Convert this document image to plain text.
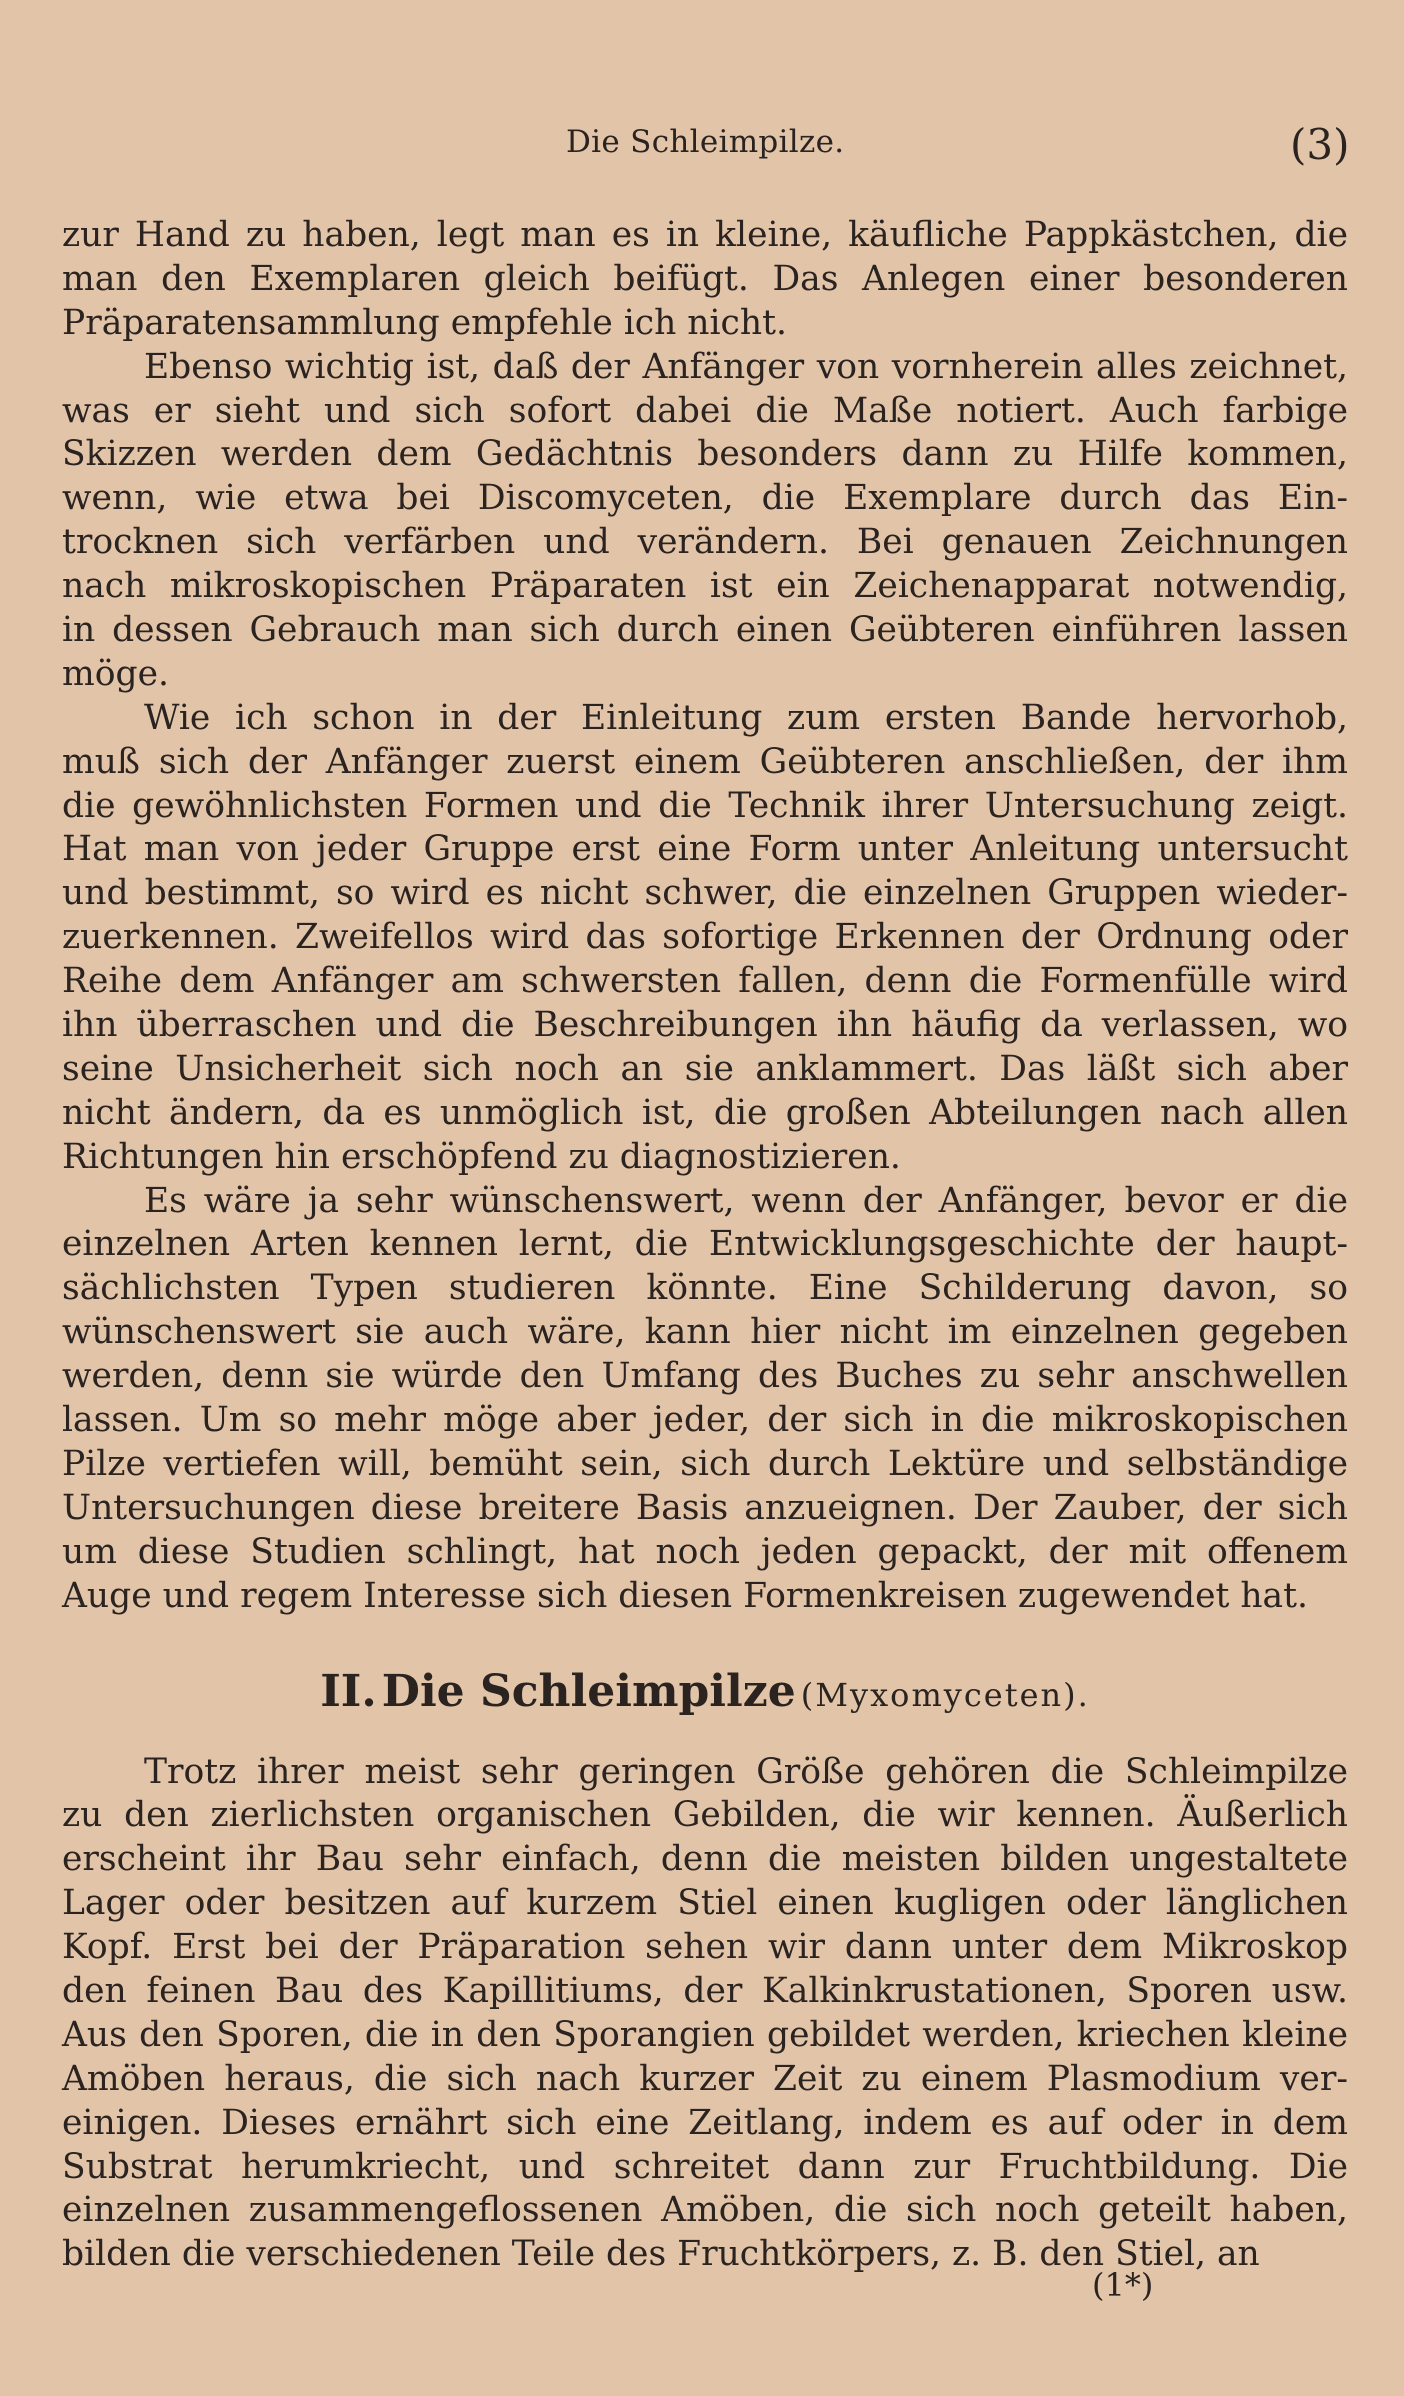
Die Schleimpilze.	(3)
zur Hand zu haben, legt man es in kleine, käufliche Pappkästchen, die
man den Exemplaren gleich beifügt. Das Anlegen einer besonderen
Präparatensammlung empfehle ich nicht.
Ebenso wichtig ist, daß der Anfänger von vornherein alles zeichnet,
was er sieht und sich sofort dabei die Maße notiert. Auch farbige
Skizzen werden dem Gedächtnis besonders dann zu Hilfe kommen,
wenn, wie etwa bei Discomyceten, die Exemplare durch das Ein-
trocknen sich verfärben und verändern. Bei genauen Zeichnungen
nach mikroskopischen Präparaten ist ein Zeichenapparat notwendig,
in dessen Gebrauch man sich durch einen Geübteren einführen lassen
möge.
Wie ich schon in der Einleitung zum ersten Bande hervorhob,
muß sich der Anfänger zuerst einem Geübteren anschließen, der ihm
die gewöhnlichsten Formen und die Technik ihrer Untersuchung zeigt.
Hat man von jeder Gruppe erst eine Form unter Anleitung untersucht
und bestimmt, so wird es nicht schwer, die einzelnen Gruppen wieder-
zuerkennen. Zweifellos wird das sofortige Erkennen der Ordnung oder
Reihe dem Anfänger am schwersten fallen, denn die Formenfülle wird
ihn überraschen und die Beschreibungen ihn häufig da verlassen, wo
seine Unsicherheit sich noch an sie anklammert. Das läßt sich aber
nicht ändern, da es unmöglich ist, die großen Abteilungen nach allen
Richtungen hin erschöpfend zu diagnostizieren.
Es wäre ja sehr wünschenswert, wenn der Anfänger, bevor er die
einzelnen Arten kennen lernt, die Entwicklungsgeschichte der haupt-
sächlichsten Typen studieren könnte. Eine Schilderung davon, so
wünschenswert sie auch wäre, kann hier nicht im einzelnen gegeben
werden, denn sie würde den Umfang des Buches zu sehr anschwellen
lassen. Um so mehr möge aber jeder, der sich in die mikroskopischen
Pilze vertiefen will, bemüht sein, sich durch Lektüre und selbständige
Untersuchungen diese breitere Basis anzueignen. Der Zauber, der sich
um diese Studien schlingt, hat noch jeden gepackt, der mit offenem
Auge und regem Interesse sich diesen Formenkreisen zugewendet hat.
II. Die Schleimpilze (Myxomyceten).
Trotz ihrer meist sehr geringen Größe gehören die Schleimpilze
zu den zierlichsten organischen Gebilden, die wir kennen. Äußerlich
erscheint ihr Bau sehr einfach, denn die meisten bilden ungestaltete
Lager oder besitzen auf kurzem Stiel einen kugligen oder länglichen
Kopf. Erst bei der Präparation sehen wir dann unter dem Mikroskop
den feinen Bau des Kapillitiums, der Kalkinkrustationen, Sporen usw.
Aus den Sporen, die in den Sporangien gebildet werden, kriechen kleine
Amöben heraus, die sich nach kurzer Zeit zu einem Plasmodium ver-
einigen. Dieses ernährt sich eine Zeitlang, indem es auf oder in dem
Substrat herumkriecht, und schreitet dann zur Fruchtbildung. Die
einzelnen zusammengeflossenen Amöben, die sich noch geteilt haben,
bilden die verschiedenen Teile des Fruchtkörpers, z. B. den Stiel, an
(1*)
